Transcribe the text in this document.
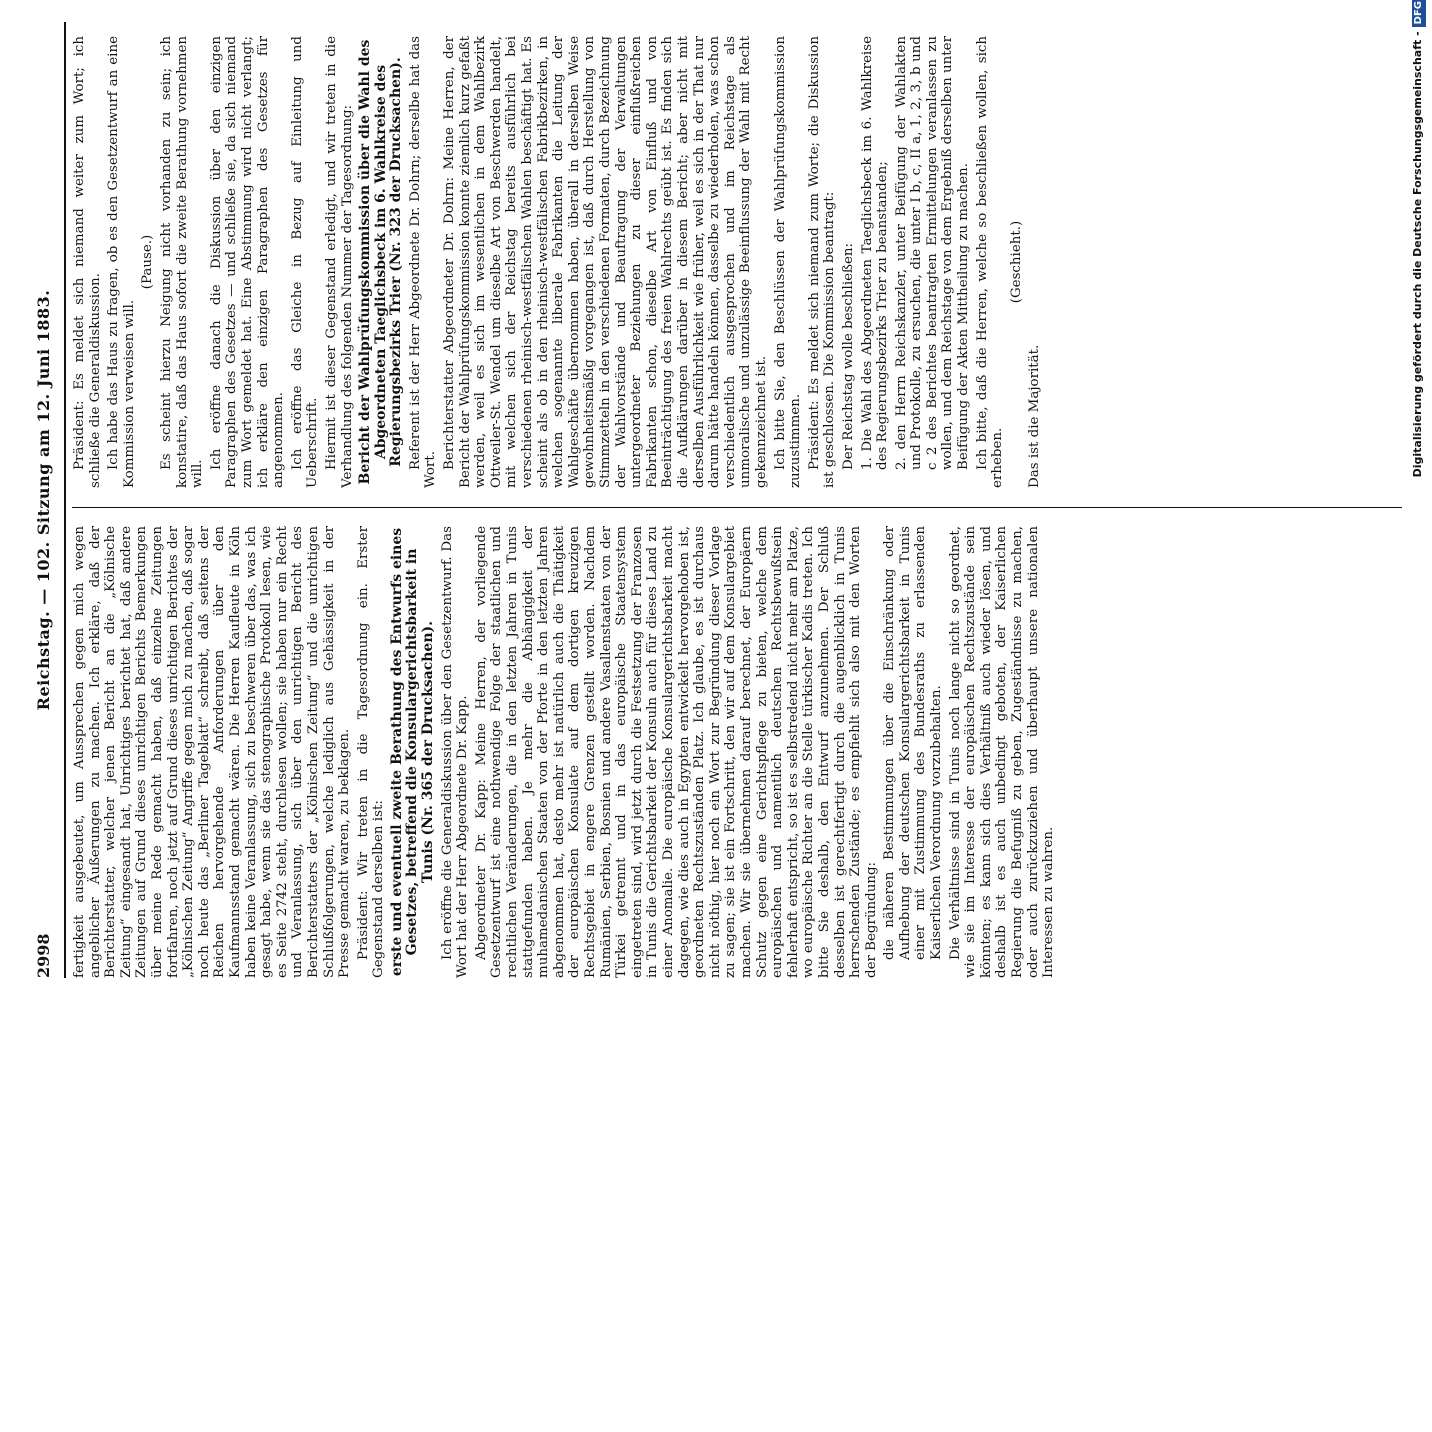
2998
Reichstag. — 102. Sitzung am 12. Juni 1883.

fertigkeit ausgebeutet, um Aussprechen gegen mich wegen angeblicher Äußerungen zu machen. Ich erkläre, daß der Berichterstatter, welcher jenen Bericht an die „Kölnische Zeitung“ eingesandt hat, Unrichtiges berichtet hat, daß andere Zeitungen auf Grund dieses unrichtigen Berichts Bemerkungen über meine Rede gemacht haben, daß einzelne Zeitungen fortfahren, noch jetzt auf Grund dieses unrichtigen Berichtes der „Kölnischen Zeitung“ Angriffe gegen mich zu machen, daß sogar noch heute das „Berliner Tageblatt“ schreibt, daß seitens der Reichen hervorgehende Anforderungen über den Kaufmannsstand gemacht wären. Die Herren Kaufleute in Köln haben keine Veranlassung, sich zu beschweren über das, was ich gesagt habe, wenn sie das stenographische Protokoll lesen, wie es Seite 2742 steht, durchlesen wollen; sie haben nur ein Recht und Veranlassung, sich über den unrichtigen Bericht des Berichterstatters der „Kölnischen Zeitung“ und die unrichtigen Schlußfolgerungen, welche lediglich aus Gehässigkeit in der Presse gemacht waren, zu beklagen. Präsident: Wir treten in die Tagesordnung ein. Erster Gegenstand derselben ist: erste und eventuell zweite Berathung des Entwurfs eines Gesetzes, betreffend die Konsulargerichtsbarkeit in Tunis (Nr. 365 der Drucksachen). Ich eröffne die Generaldiskussion über den Gesetzentwurf. Das Wort hat der Herr Abgeordnete Dr. Kapp. Abgeordneter Dr. Kapp: Meine Herren, der vorliegende Gesetzentwurf ist eine nothwendige Folge der staatlichen und rechtlichen Veränderungen, die in den letzten Jahren in Tunis stattgefunden haben. Je mehr die Abhängigkeit der muhamedanischen Staaten von der Pforte in den letzten Jahren abgenommen hat, desto mehr ist natürlich auch die Thätigkeit der europäischen Konsulate auf dem dortigen kreuzigen Rechtsgebiet in engere Grenzen gestellt worden. Nachdem Rumänien, Serbien, Bosnien und andere Vasallenstaaten von der Türkei getrennt und in das europäische Staatensystem eingetreten sind, wird jetzt durch die Festsetzung der Franzosen in Tunis die Gerichtsbarkeit der Konsuln auch für dieses Land zu einer Anomalie. Die europäische Konsulargerichtsbarkeit macht dagegen, wie dies auch in Egypten entwickelt hervorgehoben ist, geordneten Rechtszuständen Platz. Ich glaube, es ist durchaus nicht nöthig, hier noch ein Wort zur Begründung dieser Vorlage zu sagen; sie ist ein Fortschritt, den wir auf dem Konsulargebiet machen. Wir sie übernehmen darauf berechnet, der Europäern Schutz gegen eine Gerichtspflege zu bieten, welche dem europäischen und namentlich deutschen Rechtsbewußtsein fehlerhaft entspricht, so ist es selbstredend nicht mehr am Platze, wo europäische Richter an die Stelle türkischer Kadis treten. Ich bitte Sie deshalb, den Entwurf anzunehmen. Der Schluß desselben ist gerechtfertigt durch die augenblicklich in Tunis herrschenden Zustände; es empfiehlt sich also mit den Worten der Begründung: die näheren Bestimmungen über die Einschränkung oder Aufhebung der deutschen Konsulargerichtsbarkeit in Tunis einer mit Zustimmung des Bundesraths zu erlassenden Kaiserlichen Verordnung vorzubehalten. Die Verhältnisse sind in Tunis noch lange nicht so geordnet, wie sie im Interesse der europäischen Rechtszustände sein könnten; es kann sich dies Verhältniß auch wieder lösen, und deshalb ist es auch unbedingt geboten, der Kaiserlichen Regierung die Befugniß zu geben, Zugeständnisse zu machen, oder auch zurückzuziehen und überhaupt unsere nationalen Interessen zu wahren.

Präsident: Es meldet sich niemand weiter zum Wort; ich schließe die Generaldiskussion. Ich habe das Haus zu fragen, ob es den Gesetzentwurf an eine Kommission verweisen will.

(Pause.) Es scheint hierzu Neigung nicht vorhanden zu sein; ich konstatire, daß das Haus sofort die zweite Berathung vornehmen will.

Ich eröffne danach die Diskussion über den einzigen Paragraphen des Gesetzes — und schließe sie, da sich niemand zum Wort gemeldet hat. Eine Abstimmung wird nicht verlangt; ich erkläre den einzigen Paragraphen des Gesetzes für angenommen. Ich eröffne das Gleiche in Bezug auf Einleitung und Ueberschrift. Hiermit ist dieser Gegenstand erledigt, und wir treten in die Verhandlung des folgenden Nummer der Tagesordnung: Bericht der Wahlprüfungskommission über die Wahl des Abgeordneten Taeglichsbeck im 6. Wahlkreise des Regierungsbezirks Trier (Nr. 323 der Drucksachen). Referent ist der Herr Abgeordnete Dr. Dohrn; derselbe hat das Wort. Berichterstatter Abgeordneter Dr. Dohrn: Meine Herren, der Bericht der Wahlprüfungskommission konnte ziemlich kurz gefaßt werden, weil es sich im wesentlichen in dem Wahlbezirk Ottweiler-St. Wendel um dieselbe Art von Beschwerden handelt, mit welchen sich der Reichstag bereits ausführlich bei verschiedenen rheinisch-westfälischen Wahlen beschäftigt hat. Es scheint als ob in den rheinisch-westfälischen Fabrikbezirken, in welchen sogenannte liberale Fabrikanten die Leitung der Wahlgeschäfte übernommen haben, überall in derselben Weise gewohnheitsmäßig vorgegangen ist, daß durch Herstellung von Stimmzetteln in den verschiedenen Formaten, durch Bezeichnung der Wahlvorstände und Beauftragung der Verwaltungen untergeordneter Beziehungen zu dieser einflußreichen Fabrikanten schon, dieselbe Art von Einfluß und von Beeinträchtigung des freien Wahlrechts geübt ist. Es finden sich die Aufklärungen darüber in diesem Bericht; aber nicht mit derselben Ausführlichkeit wie früher, weil es sich in der That nur darum hätte handeln können, dasselbe zu wiederholen, was schon verschiedentlich ausgesprochen und im Reichstage als unmoralische und unzulässige Beeinflussung der Wahl mit Recht gekennzeichnet ist. Ich bitte Sie, den Beschlüssen der Wahlprüfungskommission zuzustimmen. Präsident: Es meldet sich niemand zum Worte; die Diskussion ist geschlossen. Die Kommission beantragt: Der Reichstag wolle beschließen: 1. Die Wahl des Abgeordneten Taeglichsbeck im 6. Wahlkreise des Regierungsbezirks Trier zu beanstanden; 2. den Herrn Reichskanzler, unter Beifügung der Wahlakten und Protokolle, zu ersuchen, die unter I b, c, II a, 1, 2, 3, b und c 2 des Berichtes beantragten Ermittelungen veranlassen zu wollen, und dem Reichstage von dem Ergebniß derselben unter Beifügung der Akten Mittheilung zu machen. Ich bitte, daß die Herren, welche so beschließen wollen, sich erheben.

(Geschieht.)

Das ist die Majorität.	Digitalisierung gefördert durch die Deutsche Forschungsgemeinschaft -DFG
